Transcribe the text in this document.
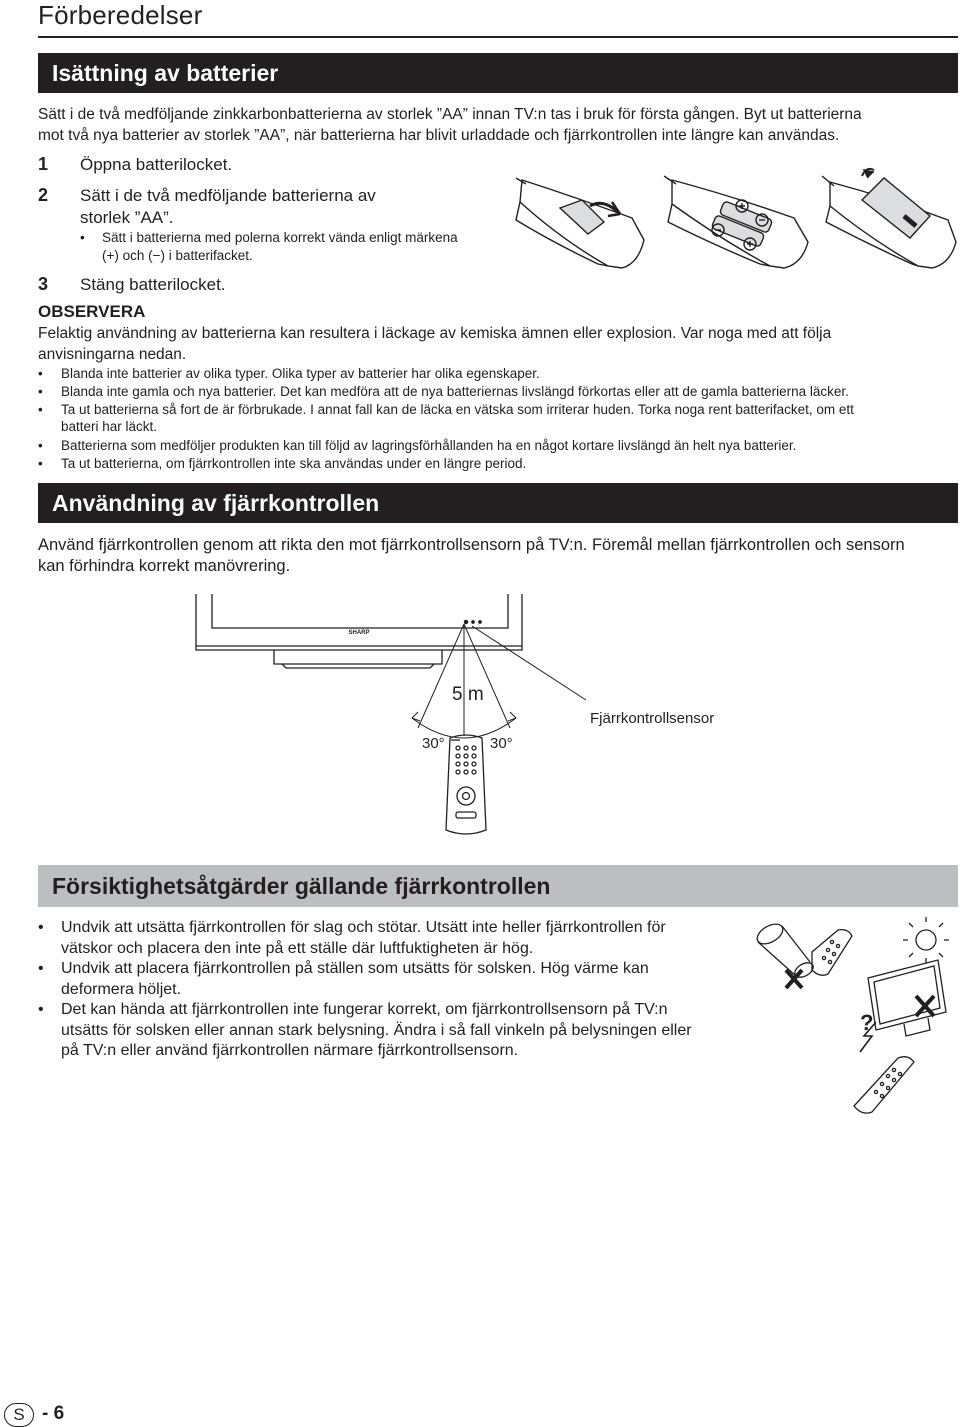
Förberedelser
Isättning av batterier
Sätt i de två medföljande zinkkarbonbatterierna av storlek ”AA” innan TV:n tas i bruk för första gången. Byt ut batterierna
mot två nya batterier av storlek ”AA”, när batterierna har blivit urladdade och fjärrkontrollen inte längre kan användas.
1 Öppna batterilocket.
2 Sätt i de två medföljande batterierna av
storlek ”AA”.
•	Sätt i batterierna med polerna korrekt vända enligt märkena
(+) och (−) i batterifacket.
3 Stäng batterilocket.
OBSERVERA
Felaktig användning av batterierna kan resultera i läckage av kemiska ämnen eller explosion. Var noga med att följa
anvisningarna nedan.
•	Blanda inte batterier av olika typer. Olika typer av batterier har olika egenskaper.
•	Blanda inte gamla och nya batterier. Det kan medföra att de nya batteriernas livslängd förkortas eller att de gamla batterierna läcker.
•	Ta ut batterierna så fort de är förbrukade. I annat fall kan de läcka en vätska som irriterar huden. Torka noga rent batterifacket, om ett
batteri har läckt.
•	Batterierna som medföljer produkten kan till följd av lagringsförhållanden ha en något kortare livslängd än helt nya batterier.
•	Ta ut batterierna, om fjärrkontrollen inte ska användas under en längre period.
Användning av fjärrkontrollen
Använd fjärrkontrollen genom att rikta den mot fjärrkontrollsensorn på TV:n. Föremål mellan fjärrkontrollen och sensorn
kan förhindra korrekt manövrering.
SHARP
5 m
30°	30°
Fjärrkontrollsensor
Försiktighetsåtgärder gällande fjärrkontrollen
•	Undvik att utsätta fjärrkontrollen för slag och stötar. Utsätt inte heller fjärrkontrollen för
vätskor och placera den inte på ett ställe där luftfuktigheten är hög.
•	Undvik att placera fjärrkontrollen på ställen som utsätts för solsken. Hög värme kan
deformera höljet.
•	Det kan hända att fjärrkontrollen inte fungerar korrekt, om fjärrkontrollsensorn på TV:n
utsätts för solsken eller annan stark belysning. Ändra i så fall vinkeln på belysningen eller
på TV:n eller använd fjärrkontrollen närmare fjärrkontrollsensorn.
?
S - 6
